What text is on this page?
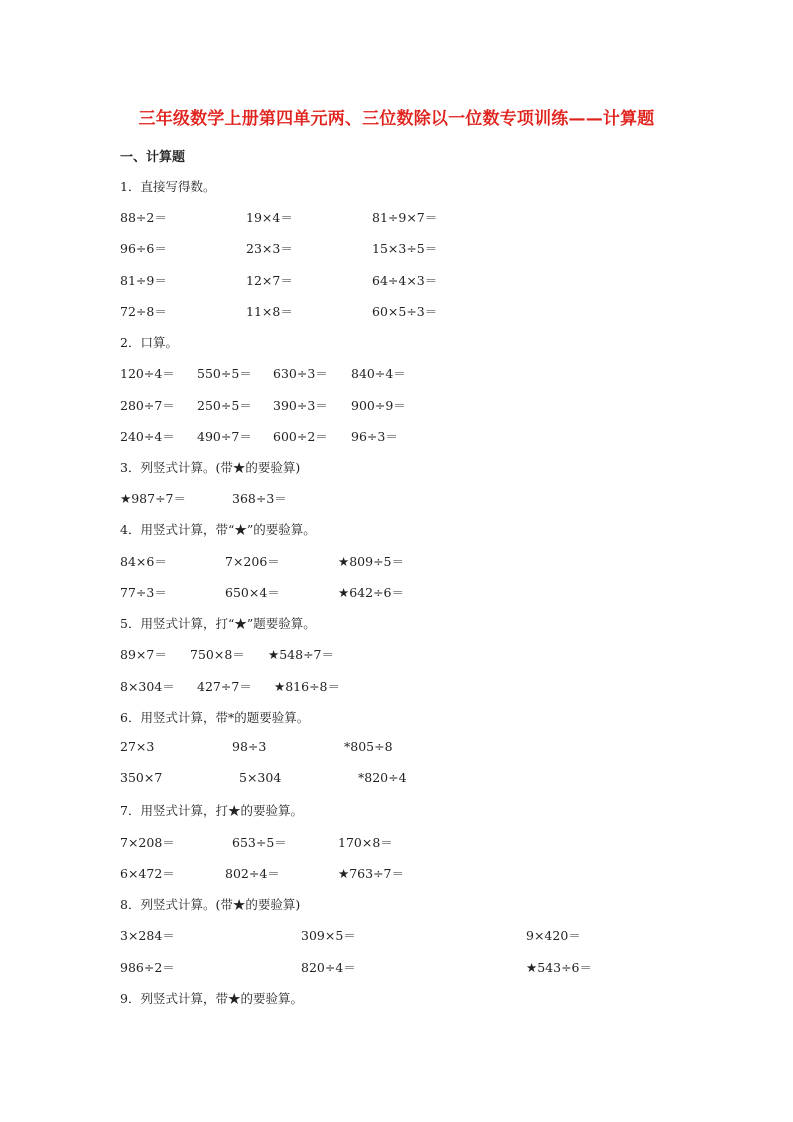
三年级数学上册第四单元两、三位数除以一位数专项训练——计算题
一、计算题
1．直接写得数。
88÷2＝	19×4＝	81÷9×7＝
96÷6＝	23×3＝	15×3÷5＝
81÷9＝	12×7＝	64÷4×3＝
72÷8＝	11×8＝	60×5÷3＝
2．口算。
120÷4＝ 550÷5＝ 630÷3＝ 840÷4＝
280÷7＝ 250÷5＝ 390÷3＝ 900÷9＝
240÷4＝ 490÷7＝ 600÷2＝ 96÷3＝
3．列竖式计算。(带★的要验算)
★987÷7＝	368÷3＝
4．用竖式计算，带“★”的要验算。
84×6＝	7×206＝	★809÷5＝
77÷3＝	650×4＝	★642÷6＝
5．用竖式计算，打“★”题要验算。
89×7＝ 750×8＝ ★548÷7＝
8×304＝ 427÷7＝ ★816÷8＝
6．用竖式计算，带*的题要验算。
27×3	98÷3	*805÷8
350×7	5×304	*820÷4
7．用竖式计算，打★的要验算。
7×208＝	653÷5＝	170×8＝
6×472＝	802÷4＝	★763÷7＝
8．列竖式计算。(带★的要验算)
3×284＝	309×5＝	9×420＝
986÷2＝	820÷4＝	★543÷6＝
9．列竖式计算，带★的要验算。
